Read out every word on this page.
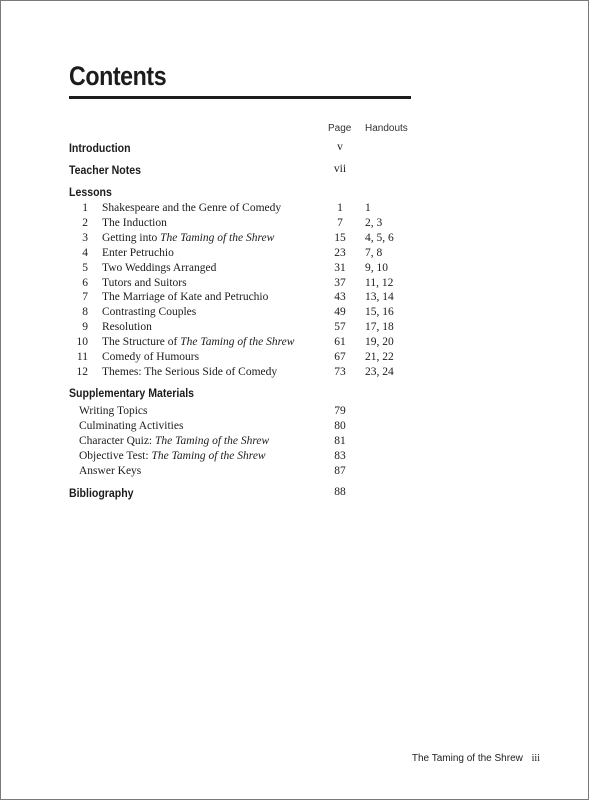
Contents
Page Handouts
Introduction	v
Teacher Notes	vii
Lessons
1 Shakespeare and the Genre of Comedy	1	1
2 The Induction	7	2, 3
3 Getting into The Taming of the Shrew	15	4, 5, 6
4 Enter Petruchio	23	7, 8
5 Two Weddings Arranged	31	9, 10
6 Tutors and Suitors	37	11, 12
7 The Marriage of Kate and Petruchio	43	13, 14
8 Contrasting Couples	49	15, 16
9 Resolution	57	17, 18
10 The Structure of The Taming of the Shrew	61	19, 20
11 Comedy of Humours	67	21, 22
12 Themes: The Serious Side of Comedy	73	23, 24
Supplementary Materials
Writing Topics	79
Culminating Activities	80
Character Quiz: The Taming of the Shrew	81
Objective Test: The Taming of the Shrew	83
Answer Keys	87
Bibliography	88
The Taming of the Shrew iii
